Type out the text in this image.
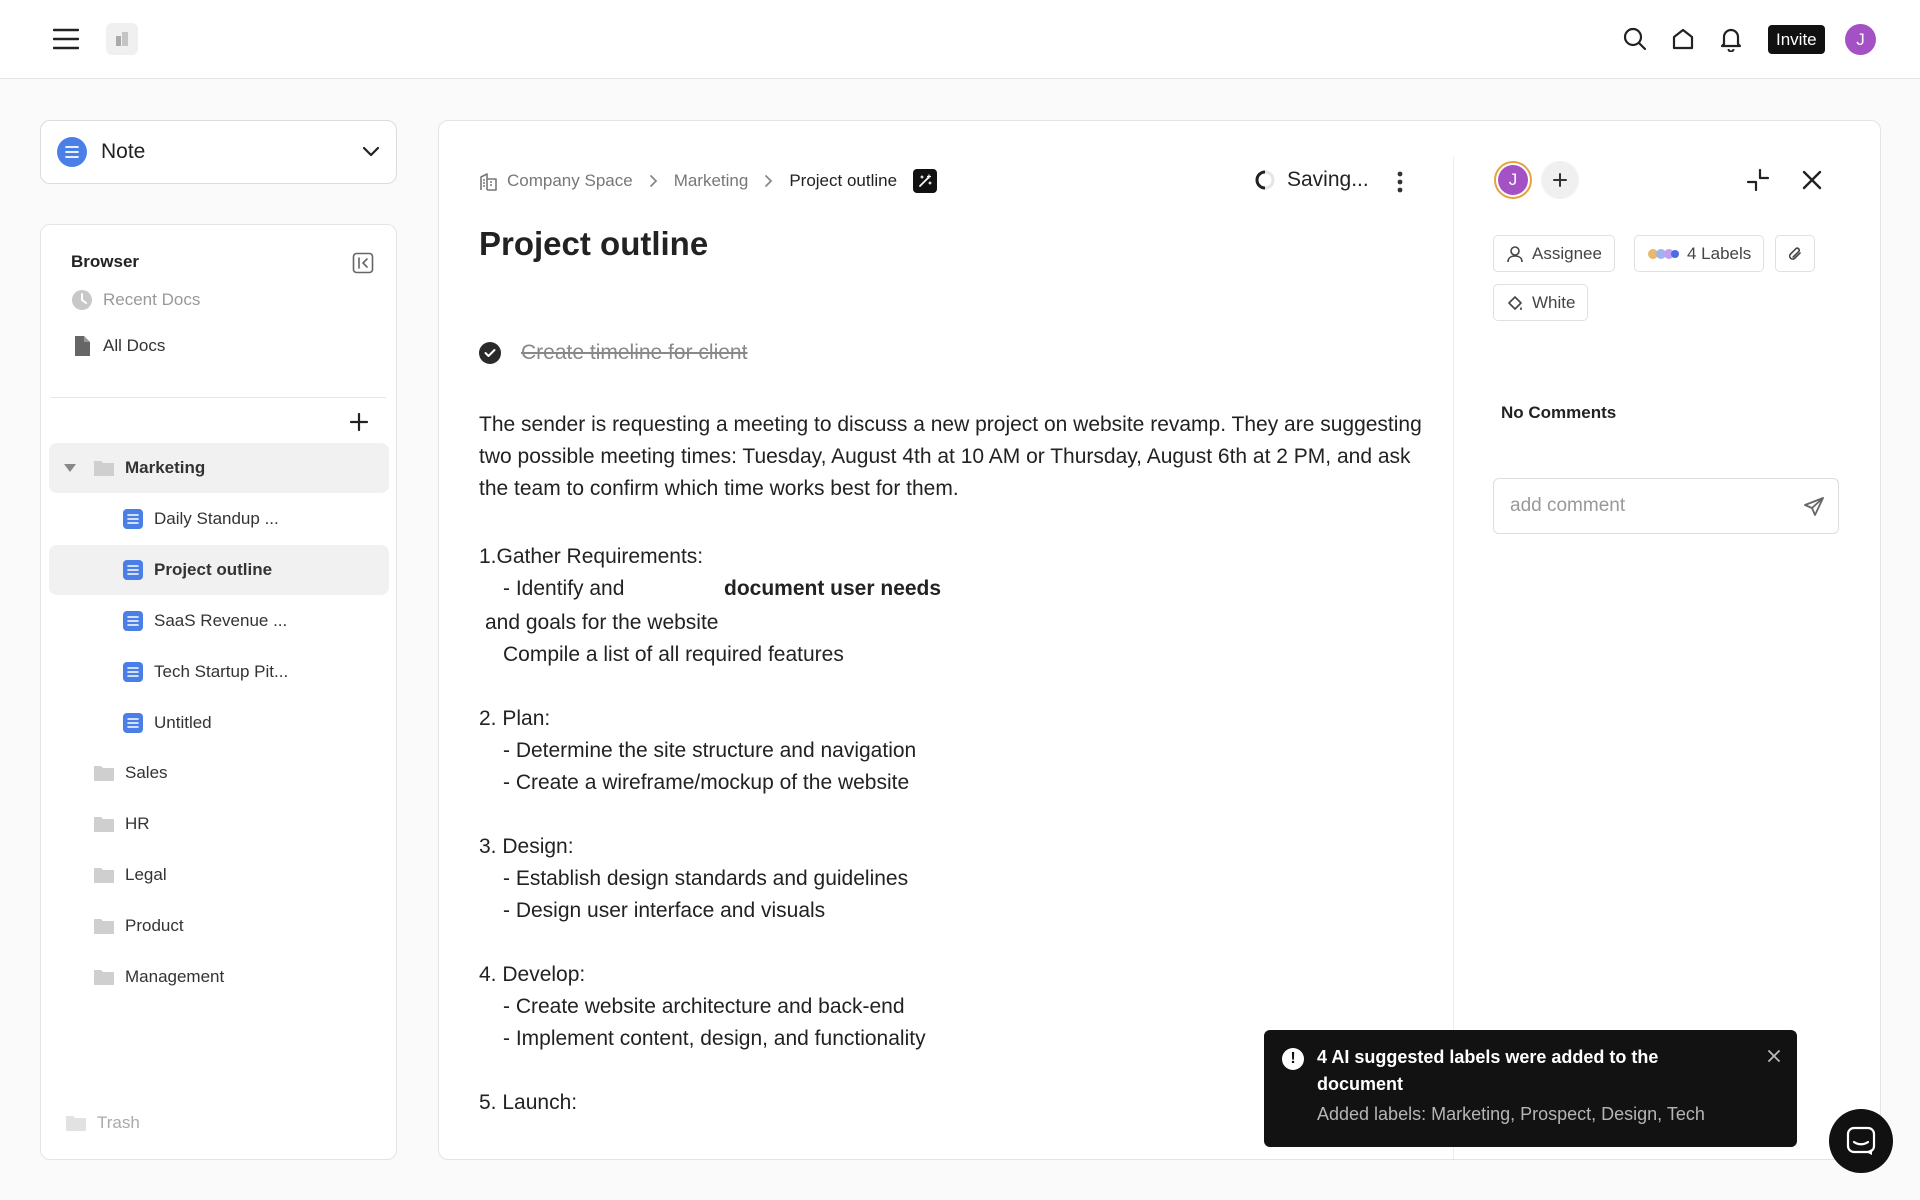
Invite	J
Note
Browser
Recent Docs
All Docs
Marketing
Daily Standup ...
Project outline
SaaS Revenue ...
Tech Startup Pit...
Untitled
Sales
HR
Legal
Product
Management
Trash
Company Space Marketing Project outline	Saving...
Project outline
Create timeline for client
The sender is requesting a meeting to discuss a new project on website revamp. They are suggesting two possible meeting times: Tuesday, August 4th at 10 AM or Thursday, August 6th at 2 PM, and ask the team to confirm which time works best for them.
1.Gather Requirements:
- Identify and	document user needs
and goals for the website
Compile a list of all required features
2. Plan:
- Determine the site structure and navigation
- Create a wireframe/mockup of the website
3. Design:
- Establish design standards and guidelines
- Design user interface and visuals
4. Develop:
- Create website architecture and back-end
- Implement content, design, and functionality
5. Launch:
J
Assignee	4 Labels
White
No Comments
add comment
!	4 AI suggested labels were added to the document
Added labels: Marketing, Prospect, Design, Tech
